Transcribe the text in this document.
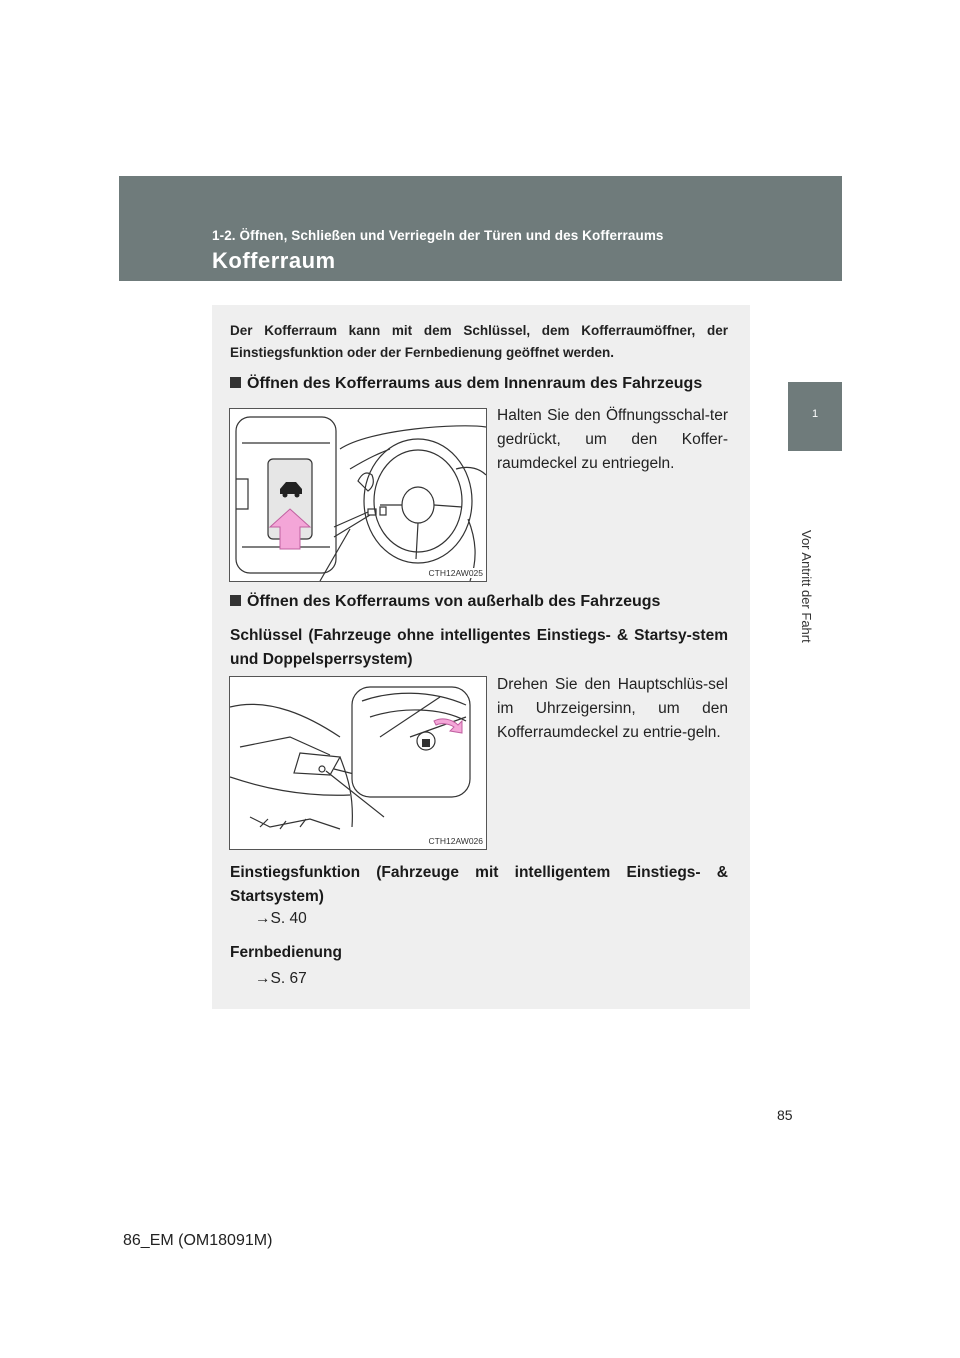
1-2. Öffnen, Schließen und Verriegeln der Türen und des Kofferraums
Kofferraum
1
Vor Antritt der Fahrt
Der Kofferraum kann mit dem Schlüssel, dem Kofferraumöffner, der Einstiegsfunktion oder der Fernbedienung geöffnet werden.
Öffnen des Kofferraums aus dem Innenraum des Fahrzeugs
CTH12AW025
Halten Sie den Öffnungsschal-ter gedrückt, um den Koffer-raumdeckel zu entriegeln.
Öffnen des Kofferraums von außerhalb des Fahrzeugs
Schlüssel (Fahrzeuge ohne intelligentes Einstiegs- & Startsy-stem und Doppelsperrsystem)
CTH12AW026
Drehen Sie den Hauptschlüs-sel im Uhrzeigersinn, um den Kofferraumdeckel zu entrie-geln.
Einstiegsfunktion (Fahrzeuge mit intelligentem Einstiegs- & Startsystem)
→S. 40
Fernbedienung
→S. 67
85
86_EM (OM18091M)
